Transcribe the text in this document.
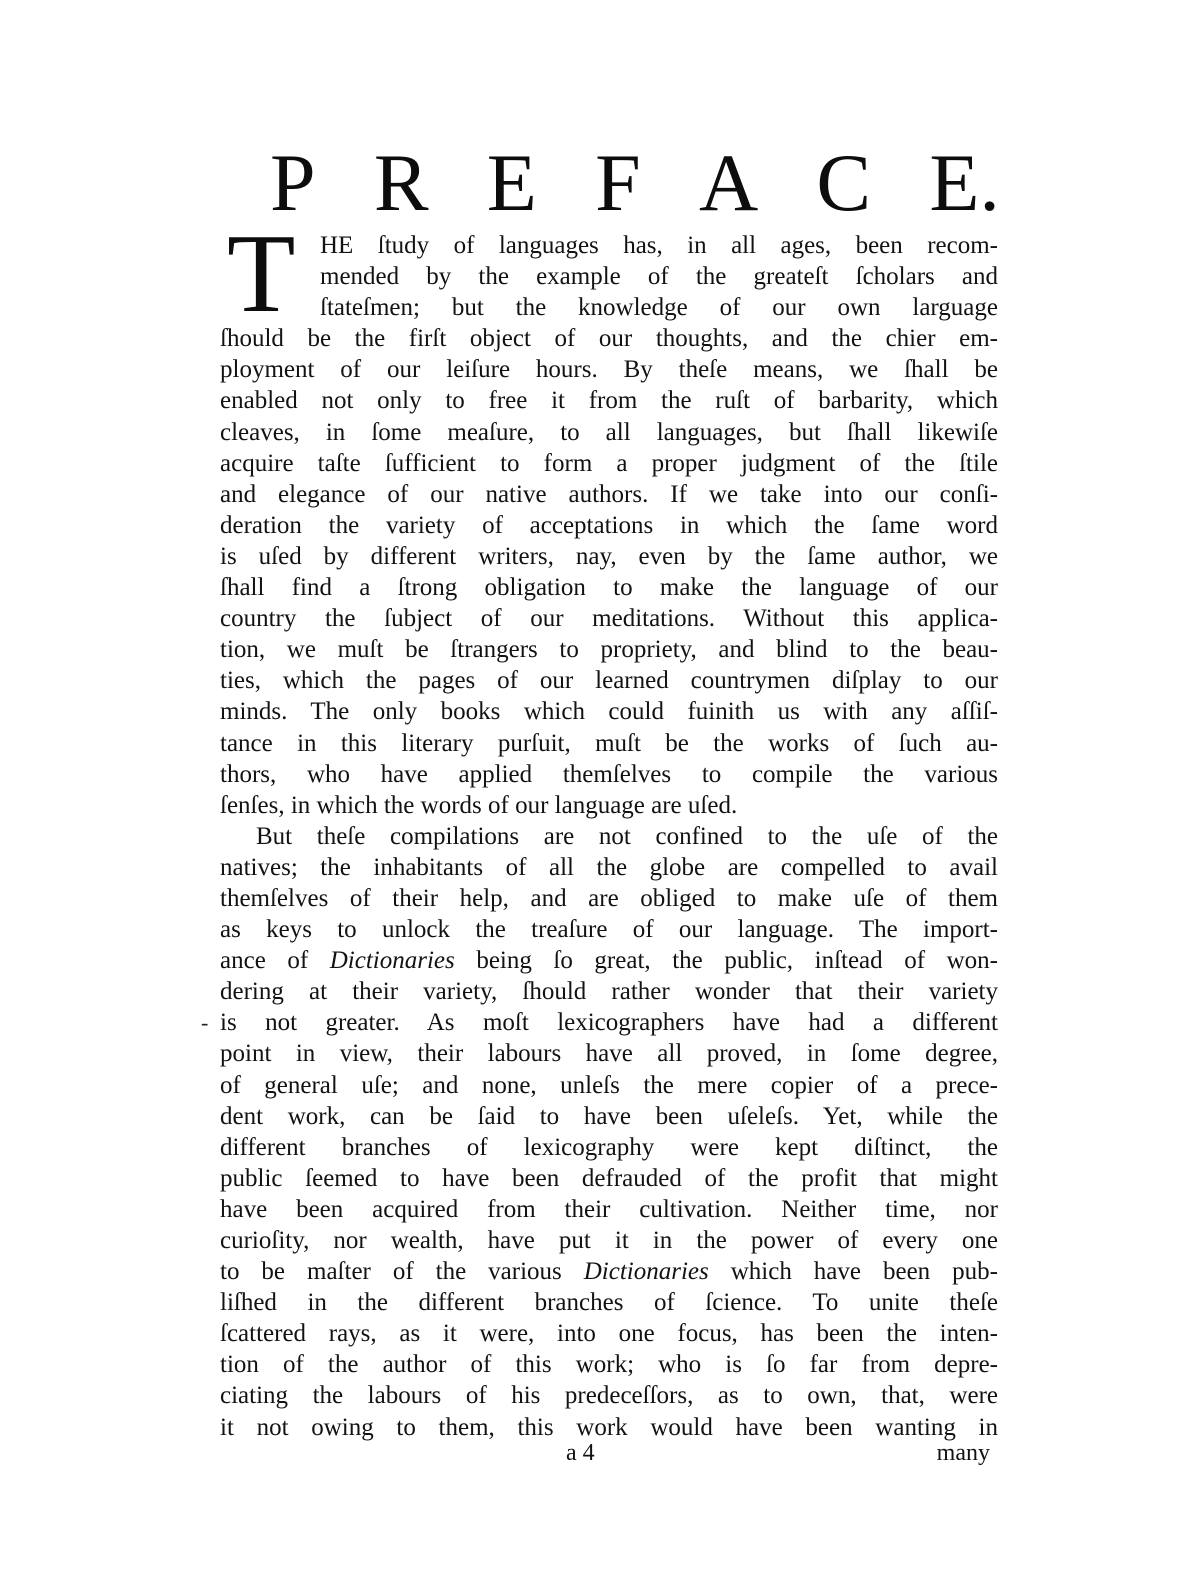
P R E F A C E.
T
-
HE ſtudy of languages has, in all ages, been recom-
mended by the example of the greateſt ſcholars and
ſtateſmen; but the knowledge of our own larguage
ſhould be the firſt object of our thoughts, and the chier em-
ployment of our leiſure hours. By theſe means, we ſhall be
enabled not only to free it from the ruſt of barbarity, which
cleaves, in ſome meaſure, to all languages, but ſhall likewiſe
acquire taſte ſufficient to form a proper judgment of the ſtile
and elegance of our native authors. If we take into our conſi-
deration the variety of acceptations in which the ſame word
is uſed by different writers, nay, even by the ſame author, we
ſhall find a ſtrong obligation to make the language of our
country the ſubject of our meditations. Without this applica-
tion, we muſt be ſtrangers to propriety, and blind to the beau-
ties, which the pages of our learned countrymen diſplay to our
minds. The only books which could fuinith us with any aſſiſ-
tance in this literary purſuit, muſt be the works of ſuch au-
thors, who have applied themſelves to compile the various
ſenſes, in which the words of our language are uſed.
But theſe compilations are not confined to the uſe of the
natives; the inhabitants of all the globe are compelled to avail
themſelves of their help, and are obliged to make uſe of them
as keys to unlock the treaſure of our language. The import-
ance of Dictionaries being ſo great, the public, inſtead of won-
dering at their variety, ſhould rather wonder that their variety
is not greater. As moſt lexicographers have had a different
point in view, their labours have all proved, in ſome degree,
of general uſe; and none, unleſs the mere copier of a prece-
dent work, can be ſaid to have been uſeleſs. Yet, while the
different branches of lexicography were kept diſtinct, the
public ſeemed to have been defrauded of the profit that might
have been acquired from their cultivation. Neither time, nor
curioſity, nor wealth, have put it in the power of every one
to be maſter of the various Dictionaries which have been pub-
liſhed in the different branches of ſcience. To unite theſe
ſcattered rays, as it were, into one focus, has been the inten-
tion of the author of this work; who is ſo far from depre-
ciating the labours of his predeceſſors, as to own, that, were
it not owing to them, this work would have been wanting in
a 4	many
